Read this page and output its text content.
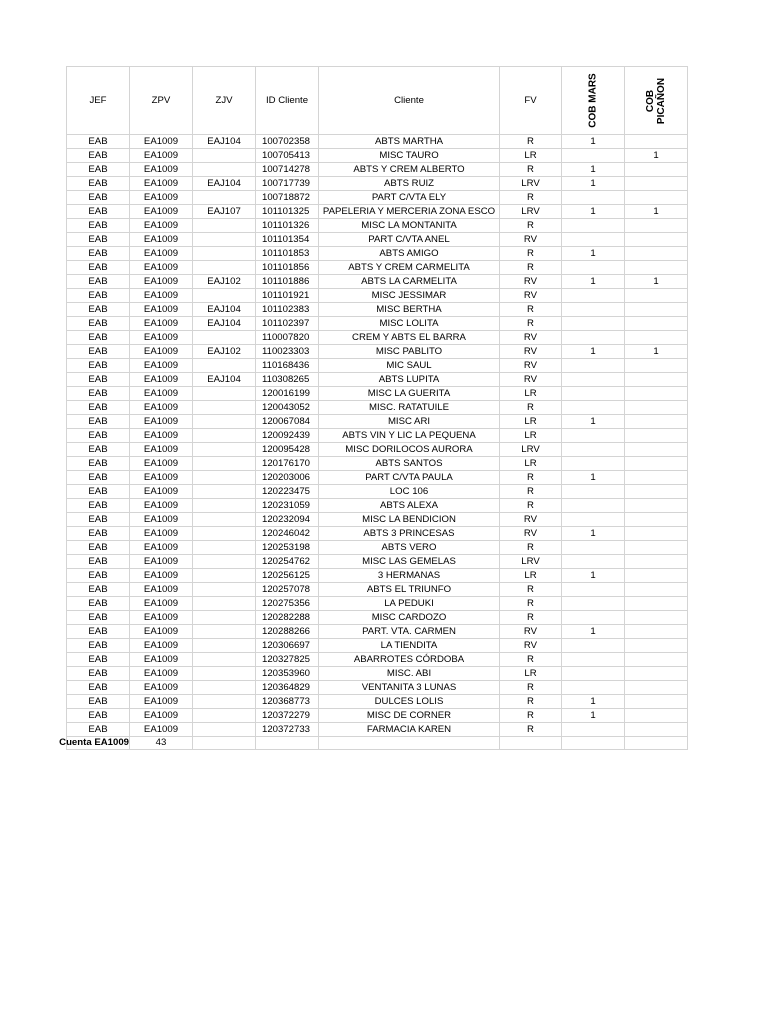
JEF	ZPV	ZJV	ID Cliente	Cliente	FV	COB MARS	COB
PICAÑON
EAB	EA1009	EAJ104	100702358	ABTS MARTHA	R	1	
EAB	EA1009		100705413	MISC TAURO	LR		1
EAB	EA1009		100714278	ABTS Y CREM ALBERTO	R	1	
EAB	EA1009	EAJ104	100717739	ABTS RUIZ	LRV	1	
EAB	EA1009		100718872	PART C/VTA ELY	R		
EAB	EA1009	EAJ107	101101325	PAPELERIA Y MERCERIA ZONA ESCO	LRV	1	1
EAB	EA1009		101101326	MISC LA MONTANITA	R		
EAB	EA1009		101101354	PART C/VTA ANEL	RV		
EAB	EA1009		101101853	ABTS AMIGO	R	1	
EAB	EA1009		101101856	ABTS Y CREM CARMELITA	R		
EAB	EA1009	EAJ102	101101886	ABTS LA CARMELITA	RV	1	1
EAB	EA1009		101101921	MISC JESSIMAR	RV		
EAB	EA1009	EAJ104	101102383	MISC BERTHA	R		
EAB	EA1009	EAJ104	101102397	MISC LOLITA	R		
EAB	EA1009		110007820	CREM Y ABTS EL BARRA	RV		
EAB	EA1009	EAJ102	110023303	MISC PABLITO	RV	1	1
EAB	EA1009		110168436	MIC SAUL	RV		
EAB	EA1009	EAJ104	110308265	ABTS LUPITA	RV		
EAB	EA1009		120016199	MISC LA GUERITA	LR		
EAB	EA1009		120043052	MISC. RATATUILE	R		
EAB	EA1009		120067084	MISC ARI	LR	1	
EAB	EA1009		120092439	ABTS VIN Y LIC LA PEQUENA	LR		
EAB	EA1009		120095428	MISC DORILOCOS AURORA	LRV		
EAB	EA1009		120176170	ABTS SANTOS	LR		
EAB	EA1009		120203006	PART C/VTA PAULA	R	1	
EAB	EA1009		120223475	LOC 106	R		
EAB	EA1009		120231059	ABTS ALEXA	R		
EAB	EA1009		120232094	MISC LA BENDICION	RV		
EAB	EA1009		120246042	ABTS 3 PRINCESAS	RV	1	
EAB	EA1009		120253198	ABTS VERO	R		
EAB	EA1009		120254762	MISC LAS GEMELAS	LRV		
EAB	EA1009		120256125	3 HERMANAS	LR	1	
EAB	EA1009		120257078	ABTS EL TRIUNFO	R		
EAB	EA1009		120275356	LA PEDUKI	R		
EAB	EA1009		120282288	MISC CARDOZO	R		
EAB	EA1009		120288266	PART. VTA. CARMEN	RV	1	
EAB	EA1009		120306697	LA TIENDITA	RV		
EAB	EA1009		120327825	ABARROTES CÓRDOBA	R		
EAB	EA1009		120353960	MISC. ABI	LR		
EAB	EA1009		120364829	VENTANITA 3 LUNAS	R		
EAB	EA1009		120368773	DULCES LOLIS	R	1	
EAB	EA1009		120372279	MISC DE CORNER	R	1	
EAB	EA1009		120372733	FARMACIA KAREN	R		
Cuenta EA1009	43						
